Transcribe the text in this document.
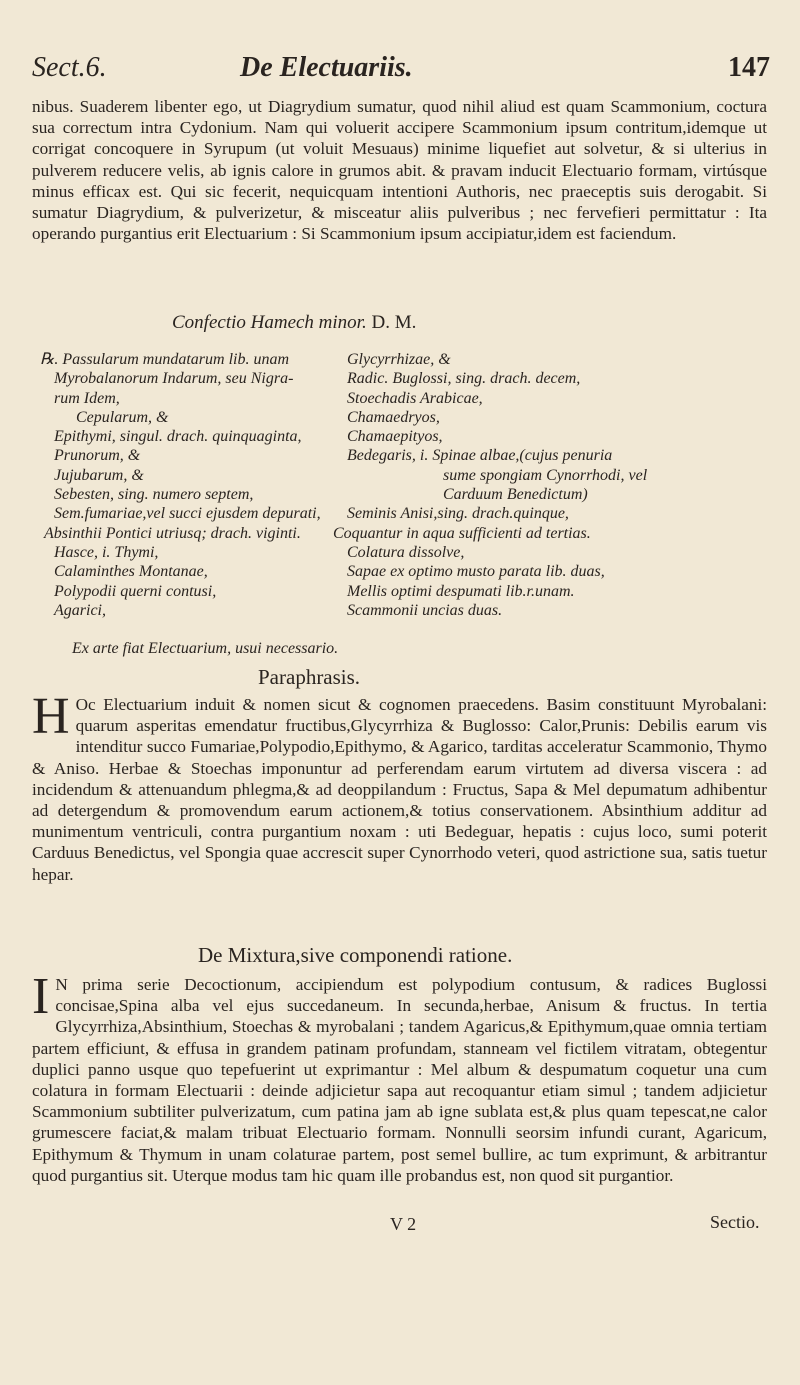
Sect.6.	De Electuariis.	147

nibus. Suaderem libenter ego, ut Diagrydium sumatur, quod nihil aliud est quam Scammonium, coctura sua correctum intra Cydonium. Nam qui voluerit accipere Scammonium ipsum contritum,idemque ut corrigat concoquere in Syrupum (ut voluit Mesuaus) minime liquefiet aut solvetur, & si ulterius in pulverem reducere velis, ab ignis calore in grumos abit. & pravam inducit Electuario formam, virtúsque minus efficax est. Qui sic fecerit, nequicquam intentioni Authoris, nec praeceptis suis derogabit. Si sumatur Diagrydium, & pulverizetur, & misceatur aliis pulveribus ; nec fervefieri permittatur : Ita operando purgantius erit Electuarium : Si Scammonium ipsum accipiatur,idem est faciendum.

Confectio Hamech minor. D. M.
℞. Passularum mundatarum lib. unam
Myrobalanorum Indarum, seu Nigra-
rum Idem,
Cepularum, &
Epithymi, singul. drach. quinquaginta,
Prunorum, &
Jujubarum, &
Sebesten, sing. numero septem,
Sem.fumariae,vel succi ejusdem depurati,
Absinthii Pontici utriusq; drach. viginti.
Hasce, i. Thymi,
Calaminthes Montanae,
Polypodii querni contusi,
Agarici,
Glycyrrhizae, &
Radic. Buglossi, sing. drach. decem,
Stoechadis Arabicae,
Chamaedryos,
Chamaepityos,
Bedegaris, i. Spinae albae,(cujus penuria
sume spongiam Cynorrhodi, vel
Carduum Benedictum)
Seminis Anisi,sing. drach.quinque,
Coquantur in aqua sufficienti ad tertias.
Colatura dissolve,
Sapae ex optimo musto parata lib. duas,
Mellis optimi despumati lib.r.unam.
Scammonii uncias duas.
Ex arte fiat Electuarium, usui necessario.
Paraphrasis.
H Oc Electuarium induit & nomen sicut & cognomen praecedens. Basim constituunt Myrobalani: quarum asperitas emendatur fructibus,Glycyrrhiza & Buglosso: Calor,Prunis: Debilis earum vis intenditur succo Fumariae,Polypodio,Epithymo, & Agarico, tarditas acceleratur Scammonio, Thymo & Aniso. Herbae & Stoechas imponuntur ad perferendam earum virtutem ad diversa viscera : ad incidendum & attenuandum phlegma,& ad deoppilandum : Fructus, Sapa & Mel depumatum adhibentur ad detergendum & promovendum earum actionem,& totius conservationem. Absinthium additur ad munimentum ventriculi, contra purgantium noxam : uti Bedeguar, hepatis : cujus loco, sumi poterit Carduus Benedictus, vel Spongia quae accrescit super Cynorrhodo veteri, quod astrictione sua, satis tuetur hepar.
De Mixtura,sive componendi ratione.
I N prima serie Decoctionum, accipiendum est polypodium contusum, & radices Buglossi concisae,Spina alba vel ejus succedaneum. In secunda,herbae, Anisum & fructus. In tertia Glycyrrhiza,Absinthium, Stoechas & myrobalani ; tandem Agaricus,& Epithymum,quae omnia tertiam partem efficiunt, & effusa in grandem patinam profundam, stanneam vel fictilem vitratam, obtegentur duplici panno usque quo tepefuerint ut exprimantur : Mel album & despumatum coquetur una cum colatura in formam Electuarii : deinde adjicietur sapa aut recoquantur etiam simul ; tandem adjicietur Scammonium subtiliter pulverizatum, cum patina jam ab igne sublata est,& plus quam tepescat,ne calor grumescere faciat,& malam tribuat Electuario formam. Nonnulli seorsim infundi curant, Agaricum, Epithymum & Thymum in unam colaturae partem, post semel bullire, ac tum exprimunt, & arbitrantur quod purgantius sit. Uterque modus tam hic quam ille probandus est, non quod sit purgantior.
V 2	Sectio.
